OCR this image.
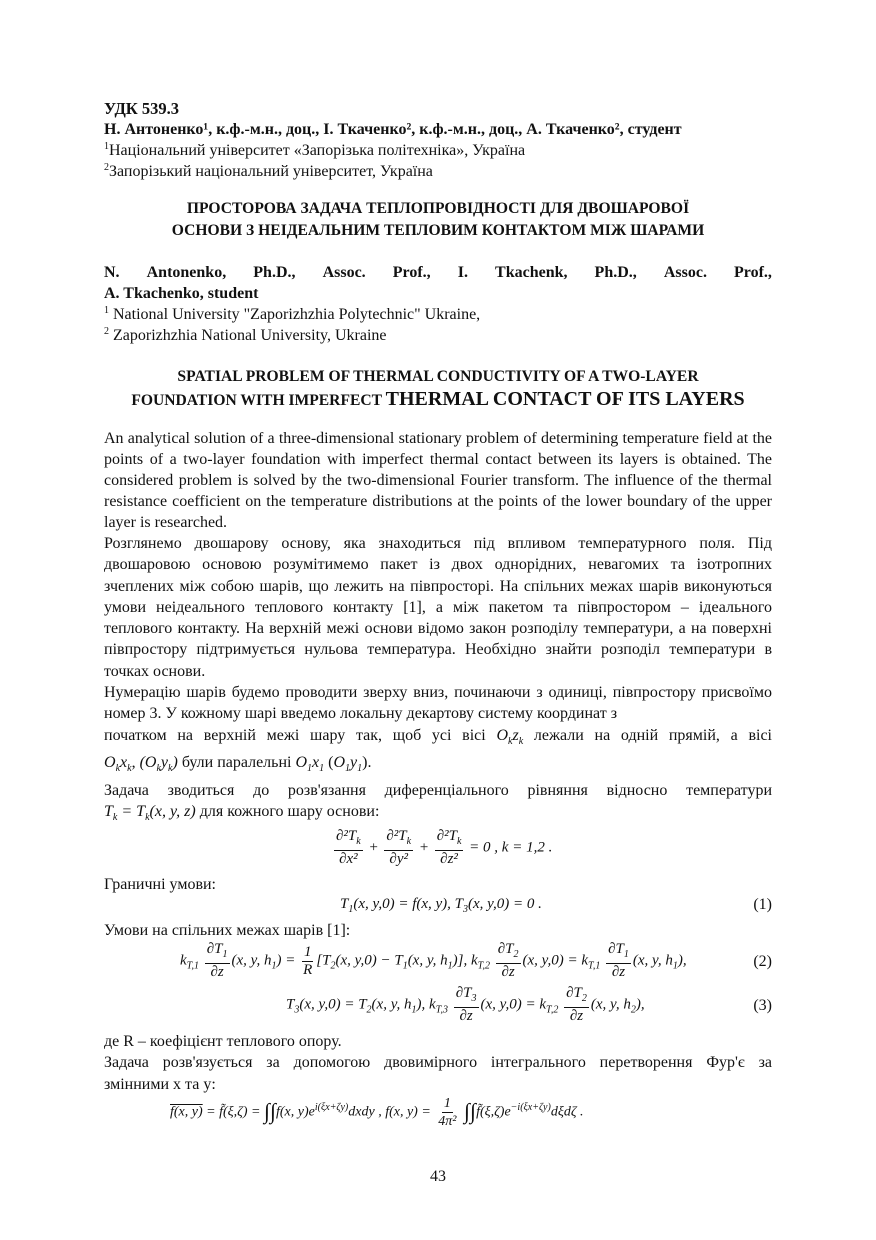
УДК 539.3

Н. Антоненко¹, к.ф.-м.н., доц., І. Ткаченко², к.ф.-м.н., доц., А. Ткаченко², студент

$^1$Національний університет «Запорізька політехніка», Україна

$^2$Запорізький національний університет, Україна

ПРОСТОРОВА ЗАДАЧА ТЕПЛОПРОВІДНОСТІ ДЛЯ ДВОШАРОВОЇ
ОСНОВИ З НЕІДЕАЛЬНИМ ТЕПЛОВИМ КОНТАКТОМ МІЖ ШАРАМИ
N. Antonenko, Ph.D., Assoc. Prof., I. Tkachenk, Ph.D., Assoc. Prof.,
A. Tkachenko, student

$^1$ National University "Zaporizhzhia Polytechnic" Ukraine,

$^2$ Zaporizhzhia National University, Ukraine

SPATIAL PROBLEM OF THERMAL CONDUCTIVITY OF A TWO-LAYER
FOUNDATION WITH IMPERFECT THERMAL CONTACT OF ITS LAYERS

An analytical solution of a three-dimensional stationary problem of determining temperature field at the points of a two-layer foundation with imperfect thermal contact between its layers is obtained. The considered problem is solved by the two-dimensional Fourier transform. The influence of the thermal resistance coefficient on the temperature distributions at the points of the lower boundary of the upper layer is researched.

Розглянемо двошарову основу, яка знаходиться під впливом температурного поля. Під двошаровою основою розумітимемо пакет із двох однорідних, невагомих та ізотропних зчеплених між собою шарів, що лежить на півпросторі. На спільних межах шарів виконуються умови неідеального теплового контакту [1], а між пакетом та півпростором – ідеального теплового контакту. На верхній межі основи відомо закон розподілу температури, а на поверхні півпростору підтримується нульова температура. Необхідно знайти розподіл температури в точках основи.

Нумерацію шарів будемо проводити зверху вниз, починаючи з одиниці, півпростору присвоїмо номер 3. У кожному шарі введемо локальну декартову систему координат з
початком на верхній межі шару так, щоб усі вісі $O_kz_k$ лежали на одній прямій, а вісі
$O_kx_k$, $(O_ky_k)$ були паралельні $O_1x_1$ $(O_1y_1)$.

Задача зводиться до розв'язання диференціального рівняння відносно температури
$T_k = T_k(x$, y, z) для кожного шару основи:

$\frac{\partial^2T_k}{\text{∂x²}} + \frac{\partial^2T_k}{\text{∂y²}} + \frac{\partial^2T_k}{\text{∂z²}} = 0$ , k = 1,2 .

Граничні умови:

$T_1(x$, y,0) = f(x, y), $T_3(x$, y,0) = 0 .	(1)

Умови на спільних межах шарів [1]:

$k_{T,1} \frac{\partial T_1}{\partial z} (x$, y, $h_1) = \frac{1}{R} [T_2(x$, $y,0) - T_1(x$, y, $h_1$)], $k_{T,2} \frac{\partial T_2}{\partial z} (x$, $y,0) = k_{T,1} \frac{\partial T_1}{\partial z} (x$, y, $h_1$),	(2)
$T_3(x$, $y,0) = T_2(x$, y, $h_1$), $k_{T,3} \frac{\partial T_3}{\partial z} (x$, $y,0) = k_{T,2} \frac{\partial T_2}{\partial z} (x$, y, $h_2$),	(3)

де R – коефіцієнт теплового опору.

Задача розв'язується за допомогою двовимірного інтегрального перетворення Фур'є за
змінними x та y:

f(x, y) = f̃(ξ,ζ) = ∫∫f(x, $y)e^{i(\xi x+\zeta y)}dxdy$ , f(x, $y) = \frac{1}{\text{4π²}}$ $\int\int f̃(\xi,\zeta)e^{-i(\xi x+\zeta y)}d\xi d\zeta$ .
43
